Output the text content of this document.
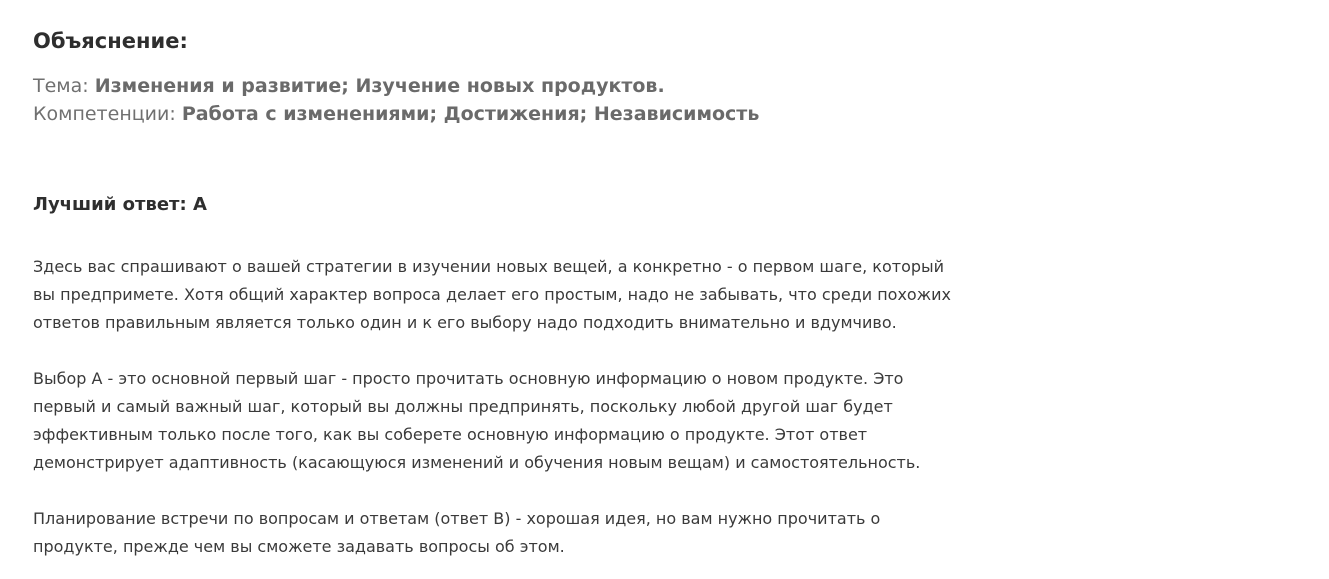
Объяснение:

Тема: Изменения и развитие; Изучение новых продуктов.

Компетенции: Работа с изменениями; Достижения; Независимость

Лучший ответ: А

Здесь вас спрашивают о вашей стратегии в изучении новых вещей, а конкретно - о первом шаге, который
вы предпримете. Хотя общий характер вопроса делает его простым, надо не забывать, что среди похожих
ответов правильным является только один и к его выбору надо подходить внимательно и вдумчиво.

Выбор А - это основной первый шаг - просто прочитать основную информацию о новом продукте. Это
первый и самый важный шаг, который вы должны предпринять, поскольку любой другой шаг будет
эффективным только после того, как вы соберете основную информацию о продукте. Этот ответ
демонстрирует адаптивность (касающуюся изменений и обучения новым вещам) и самостоятельность.

Планирование встречи по вопросам и ответам (ответ В) - хорошая идея, но вам нужно прочитать о
продукте, прежде чем вы сможете задавать вопросы об этом.
